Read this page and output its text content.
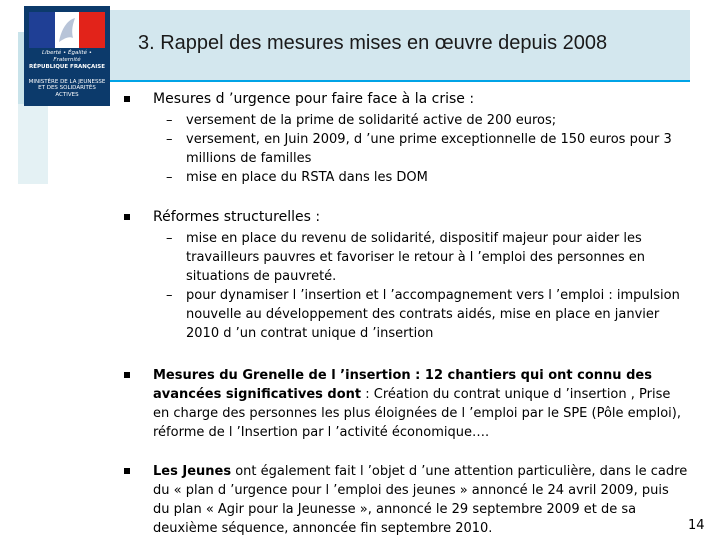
Liberté • Égalité • Fraternité
RÉPUBLIQUE FRANÇAISE
MINISTÈRE DE LA JEUNESSE ET DES SOLIDARITÉS ACTIVES
3. Rappel des mesures mises en œuvre depuis 2008
Mesures d ’urgence pour faire face à la crise :
– versement de la prime de solidarité active de 200 euros;
– versement, en Juin 2009, d ’une prime exceptionnelle de 150 euros pour 3 millions de familles
– mise en place du RSTA dans les DOM
Réformes structurelles :
– mise en place du revenu de solidarité, dispositif majeur pour aider les travailleurs pauvres et favoriser le retour à l ’emploi des personnes en situations de pauvreté.
– pour dynamiser l ’insertion et l ’accompagnement vers l ’emploi : impulsion nouvelle au développement des contrats aidés, mise en place en janvier 2010 d ’un contrat unique d ’insertion
Mesures du Grenelle de l ’insertion : 12 chantiers qui ont connu des avancées significatives dont : Création du contrat unique d ’insertion , Prise en charge des personnes les plus éloignées de l ’emploi par le SPE (Pôle emploi), réforme de l ’Insertion par l ’activité économique….
Les Jeunes ont également fait l ’objet d ’une attention particulière, dans le cadre du « plan d ’urgence pour l ’emploi des jeunes » annoncé le 24 avril 2009, puis du plan « Agir pour la Jeunesse », annoncé le 29 septembre 2009 et de sa deuxième séquence, annoncée fin septembre 2010.	14
